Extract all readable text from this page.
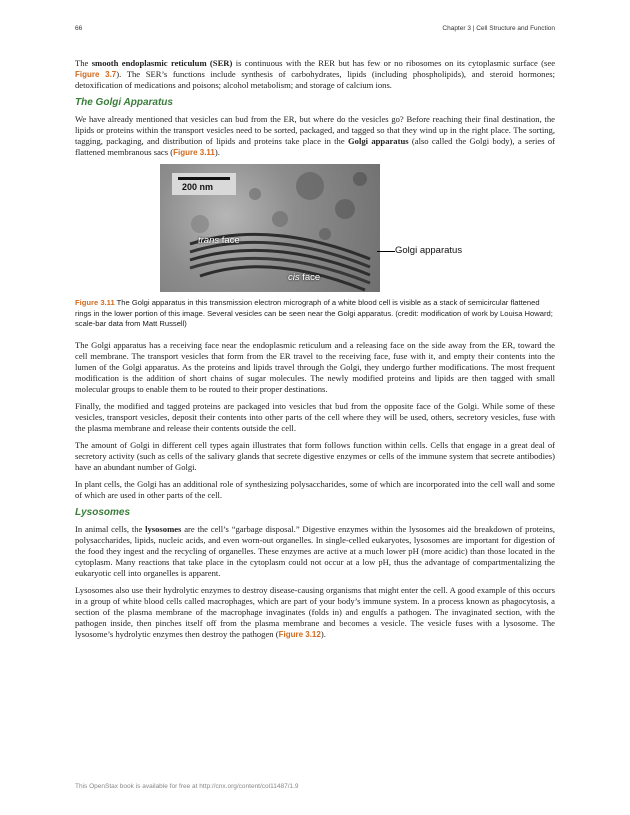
66	Chapter 3 | Cell Structure and Function

The smooth endoplasmic reticulum (SER) is continuous with the RER but has few or no ribosomes on its cytoplasmic surface (see Figure 3.7). The SER’s functions include synthesis of carbohydrates, lipids (including phospholipids), and steroid hormones; detoxification of medications and poisons; alcohol metabolism; and storage of calcium ions.

The Golgi Apparatus

We have already mentioned that vesicles can bud from the ER, but where do the vesicles go? Before reaching their final destination, the lipids or proteins within the transport vesicles need to be sorted, packaged, and tagged so that they wind up in the right place. The sorting, tagging, packaging, and distribution of lipids and proteins take place in the Golgi apparatus (also called the Golgi body), a series of flattened membranous sacs (Figure 3.11).

200 nm
trans face
cis face
Golgi apparatus

Figure 3.11 The Golgi apparatus in this transmission electron micrograph of a white blood cell is visible as a stack of semicircular flattened rings in the lower portion of this image. Several vesicles can be seen near the Golgi apparatus. (credit: modification of work by Louisa Howard; scale-bar data from Matt Russell)

The Golgi apparatus has a receiving face near the endoplasmic reticulum and a releasing face on the side away from the ER, toward the cell membrane. The transport vesicles that form from the ER travel to the receiving face, fuse with it, and empty their contents into the lumen of the Golgi apparatus. As the proteins and lipids travel through the Golgi, they undergo further modifications. The most frequent modification is the addition of short chains of sugar molecules. The newly modified proteins and lipids are then tagged with small molecular groups to enable them to be routed to their proper destinations.

Finally, the modified and tagged proteins are packaged into vesicles that bud from the opposite face of the Golgi. While some of these vesicles, transport vesicles, deposit their contents into other parts of the cell where they will be used, others, secretory vesicles, fuse with the plasma membrane and release their contents outside the cell.

The amount of Golgi in different cell types again illustrates that form follows function within cells. Cells that engage in a great deal of secretory activity (such as cells of the salivary glands that secrete digestive enzymes or cells of the immune system that secrete antibodies) have an abundant number of Golgi.

In plant cells, the Golgi has an additional role of synthesizing polysaccharides, some of which are incorporated into the cell wall and some of which are used in other parts of the cell.

Lysosomes

In animal cells, the lysosomes are the cell’s “garbage disposal.” Digestive enzymes within the lysosomes aid the breakdown of proteins, polysaccharides, lipids, nucleic acids, and even worn-out organelles. In single-celled eukaryotes, lysosomes are important for digestion of the food they ingest and the recycling of organelles. These enzymes are active at a much lower pH (more acidic) than those located in the cytoplasm. Many reactions that take place in the cytoplasm could not occur at a low pH, thus the advantage of compartmentalizing the eukaryotic cell into organelles is apparent.

Lysosomes also use their hydrolytic enzymes to destroy disease-causing organisms that might enter the cell. A good example of this occurs in a group of white blood cells called macrophages, which are part of your body’s immune system. In a process known as phagocytosis, a section of the plasma membrane of the macrophage invaginates (folds in) and engulfs a pathogen. The invaginated section, with the pathogen inside, then pinches itself off from the plasma membrane and becomes a vesicle. The vesicle fuses with a lysosome. The lysosome’s hydrolytic enzymes then destroy the pathogen (Figure 3.12).

This OpenStax book is available for free at http://cnx.org/content/col11487/1.9
